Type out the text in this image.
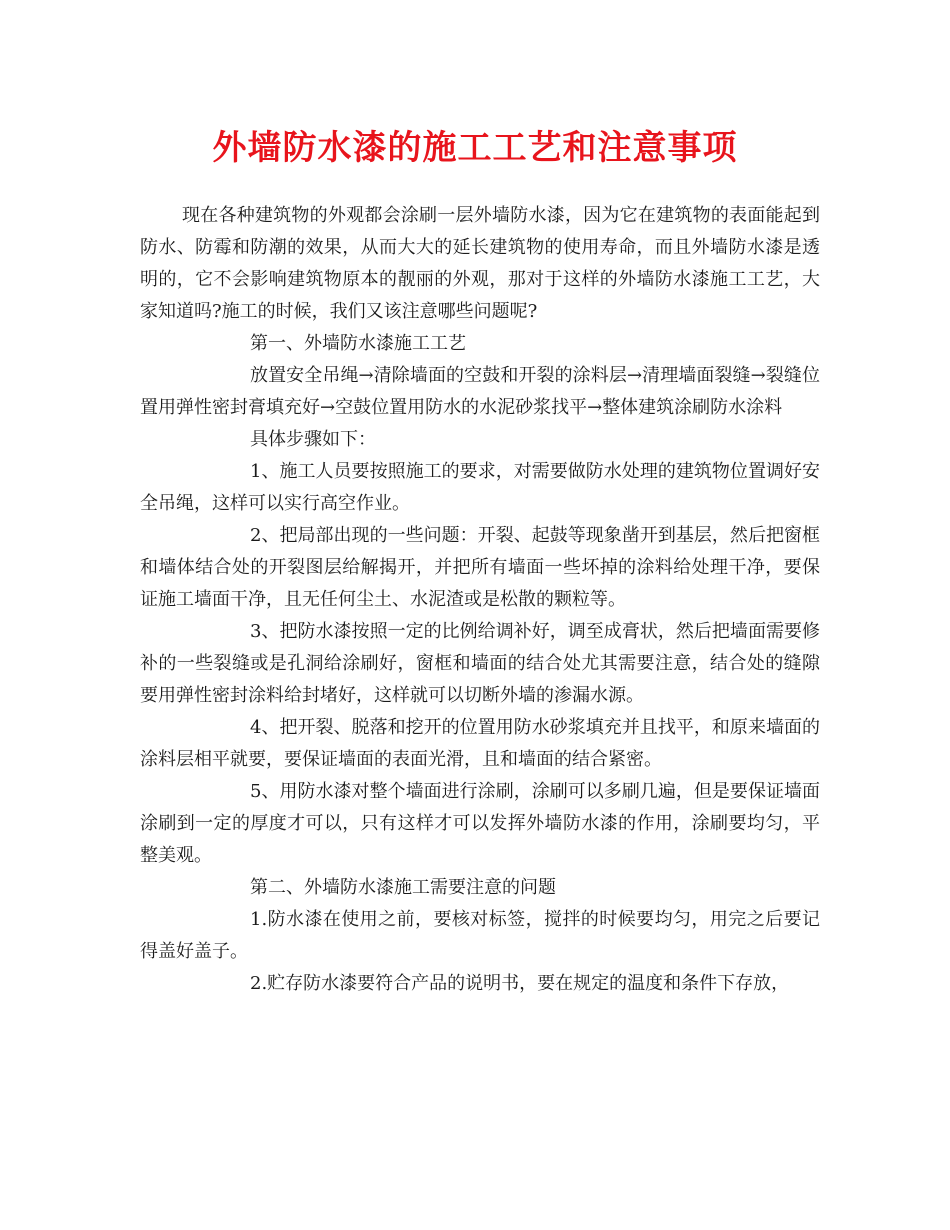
外墙防水漆的施工工艺和注意事项

现在各种建筑物的外观都会涂刷一层外墙防水漆，因为它在建筑物的表面能起到防水、防霉和防潮的效果，从而大大的延长建筑物的使用寿命，而且外墙防水漆是透明的，它不会影响建筑物原本的靓丽的外观，那对于这样的外墙防水漆施工工艺，大家知道吗?施工的时候，我们又该注意哪些问题呢?

第一、外墙防水漆施工工艺

放置安全吊绳→清除墙面的空鼓和开裂的涂料层→清理墙面裂缝→裂缝位置用弹性密封膏填充好→空鼓位置用防水的水泥砂浆找平→整体建筑涂刷防水涂料

具体步骤如下：

1、施工人员要按照施工的要求，对需要做防水处理的建筑物位置调好安全吊绳，这样可以实行高空作业。

2、把局部出现的一些问题：开裂、起鼓等现象凿开到基层，然后把窗框和墙体结合处的开裂图层给解揭开，并把所有墙面一些坏掉的涂料给处理干净，要保证施工墙面干净，且无任何尘土、水泥渣或是松散的颗粒等。

3、把防水漆按照一定的比例给调补好，调至成膏状，然后把墙面需要修补的一些裂缝或是孔洞给涂刷好，窗框和墙面的结合处尤其需要注意，结合处的缝隙要用弹性密封涂料给封堵好，这样就可以切断外墙的渗漏水源。

4、把开裂、脱落和挖开的位置用防水砂浆填充并且找平，和原来墙面的涂料层相平就要，要保证墙面的表面光滑，且和墙面的结合紧密。

5、用防水漆对整个墙面进行涂刷，涂刷可以多刷几遍，但是要保证墙面涂刷到一定的厚度才可以，只有这样才可以发挥外墙防水漆的作用，涂刷要均匀，平整美观。

第二、外墙防水漆施工需要注意的问题

1.防水漆在使用之前，要核对标签，搅拌的时候要均匀，用完之后要记得盖好盖子。

2.贮存防水漆要符合产品的说明书，要在规定的温度和条件下存放，
